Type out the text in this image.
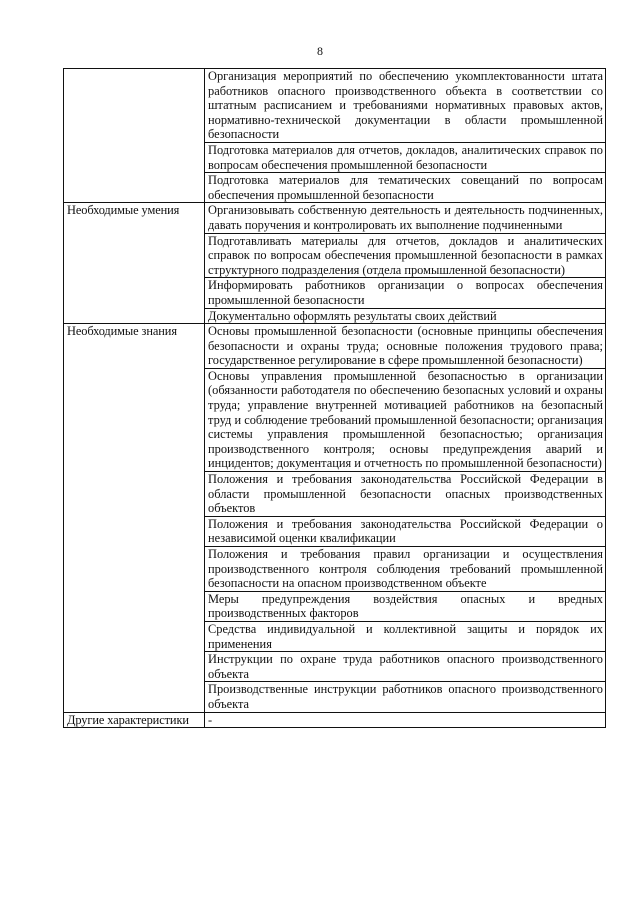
8
	Организация мероприятий по обеспечению укомплектованности штата работников опасного производственного объекта в соответствии со штатным расписанием и требованиями нормативных правовых актов, нормативно-технической документации в области промышленной безопасности
	Подготовка материалов для отчетов, докладов, аналитических справок по вопросам обеспечения промышленной безопасности
	Подготовка материалов для тематических совещаний по вопросам обеспечения промышленной безопасности
Необходимые умения	Организовывать собственную деятельность и деятельность подчиненных, давать поручения и контролировать их выполнение подчиненными
	Подготавливать материалы для отчетов, докладов и аналитических справок по вопросам обеспечения промышленной безопасности в рамках структурного подразделения (отдела промышленной безопасности)
	Информировать работников организации о вопросах обеспечения промышленной безопасности
	Документально оформлять результаты своих действий
Необходимые знания	Основы промышленной безопасности (основные принципы обеспечения безопасности и охраны труда; основные положения трудового права; государственное регулирование в сфере промышленной безопасности)
	Основы управления промышленной безопасностью в организации (обязанности работодателя по обеспечению безопасных условий и охраны труда; управление внутренней мотивацией работников на безопасный труд и соблюдение требований промышленной безопасности; организация системы управления промышленной безопасностью; организация производственного контроля; основы предупреждения аварий и инцидентов; документация и отчетность по промышленной безопасности)
	Положения и требования законодательства Российской Федерации в области промышленной безопасности опасных производственных объектов
	Положения и требования законодательства Российской Федерации о независимой оценки квалификации
	Положения и требования правил организации и осуществления производственного контроля соблюдения требований промышленной безопасности на опасном производственном объекте
	Меры предупреждения воздействия опасных и вредных производственных факторов
	Средства индивидуальной и коллективной защиты и порядок их применения
	Инструкции по охране труда работников опасного производственного объекта
	Производственные инструкции работников опасного производственного объекта
Другие характеристики	-
